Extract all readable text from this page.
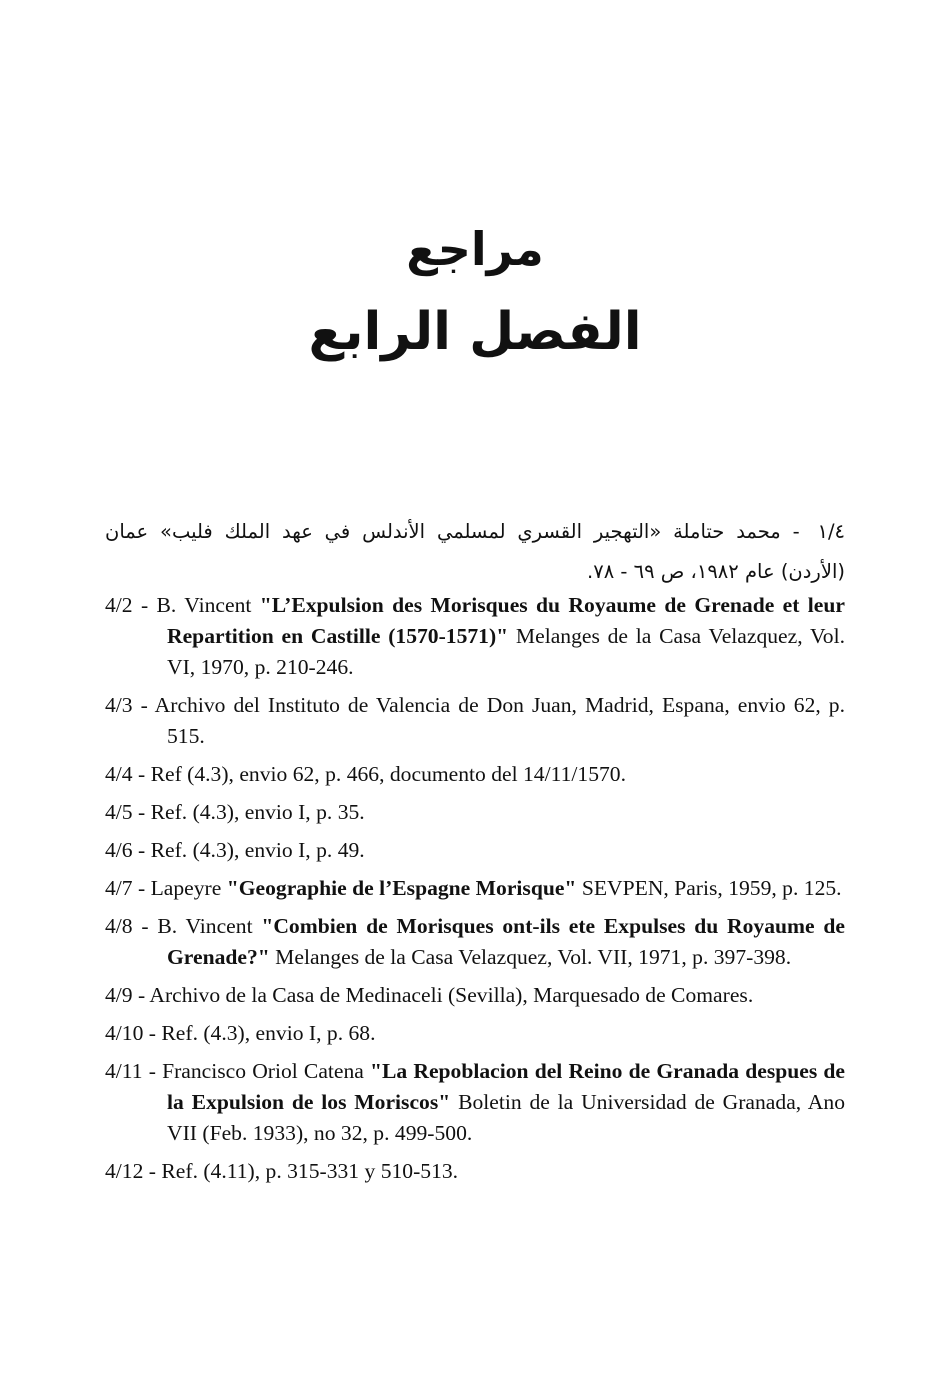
مراجع
الفصل الرابع
١/٤ - محمد حتاملة «التهجير القسري لمسلمي الأندلس في عهد الملك فليب» عمان (الأردن) عام ١٩٨٢، ص ٦٩ - ٧٨.

4/2 - B. Vincent "L’Expulsion des Morisques du Royaume de Grenade et leur Repartition en Castille (1570-1571)" Melanges de la Casa Velazquez, Vol. VI, 1970, p. 210-246.

4/3 - Archivo del Instituto de Valencia de Don Juan, Madrid, Espana, envio 62, p. 515.

4/4 - Ref (4.3), envio 62, p. 466, documento del 14/11/1570.

4/5 - Ref. (4.3), envio I, p. 35.

4/6 - Ref. (4.3), envio I, p. 49.

4/7 - Lapeyre "Geographie de l’Espagne Morisque" SEVPEN, Paris, 1959, p. 125.

4/8 - B. Vincent "Combien de Morisques ont-ils ete Expulses du Royaume de Grenade?" Melanges de la Casa Velazquez, Vol. VII, 1971, p. 397-398.

4/9 - Archivo de la Casa de Medinaceli (Sevilla), Marquesado de Comares.

4/10 - Ref. (4.3), envio I, p. 68.

4/11 - Francisco Oriol Catena "La Repoblacion del Reino de Granada despues de la Expulsion de los Moriscos" Boletin de la Universidad de Granada, Ano VII (Feb. 1933), no 32, p. 499-500.

4/12 - Ref. (4.11), p. 315-331 y 510-513.
